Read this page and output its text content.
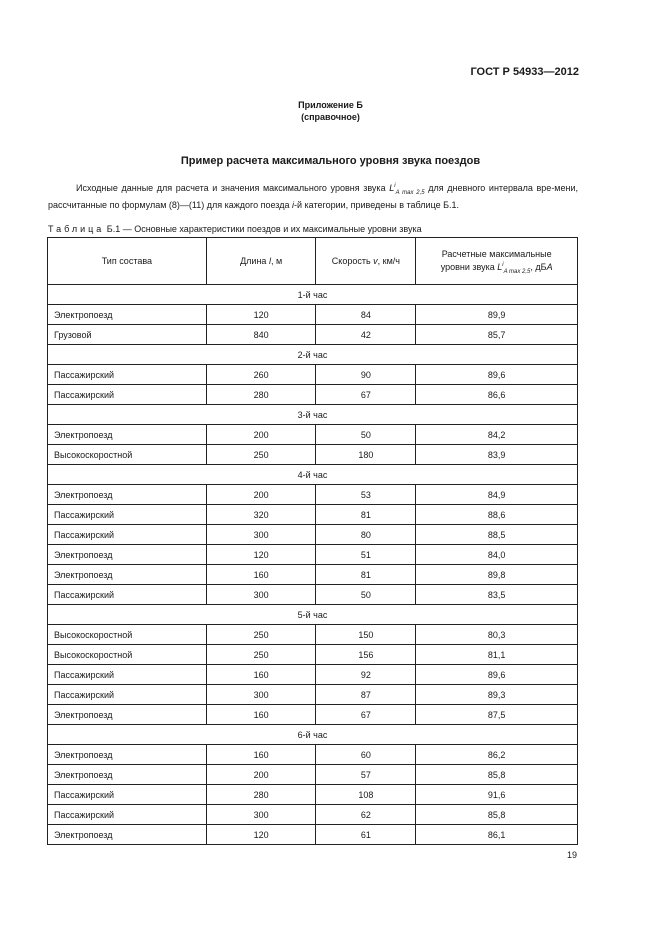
ГОСТ Р 54933—2012
Приложение Б
(справочное)
Пример расчета максимального уровня звука поездов

Исходные данные для расчета и значения максимального уровня звука $L^i_{A max 2,5}$ для дневного интервала вре-мени, рассчитанные по формулам (8)—(11) для каждого поезда i-й категории, приведены в таблице Б.1.

Таблица Б.1 — Основные характеристики поездов и их максимальные уровни звука
Тип состава	Длина l, м	Скорость v, км/ч	Расчетные максимальные
уровни звука $L^i_{A max 2,5}$, дБА
1-й час			
Электропоезд	120	84	89,9
Грузовой	840	42	85,7
2-й час			
Пассажирский	260	90	89,6
Пассажирский	280	67	86,6
3-й час			
Электропоезд	200	50	84,2
Высокоскоростной	250	180	83,9
4-й час			
Электропоезд	200	53	84,9
Пассажирский	320	81	88,6
Пассажирский	300	80	88,5
Электропоезд	120	51	84,0
Электропоезд	160	81	89,8
Пассажирский	300	50	83,5
5-й час			
Высокоскоростной	250	150	80,3
Высокоскоростной	250	156	81,1
Пассажирский	160	92	89,6
Пассажирский	300	87	89,3
Электропоезд	160	67	87,5
6-й час			
Электропоезд	160	60	86,2
Электропоезд	200	57	85,8
Пассажирский	280	108	91,6
Пассажирский	300	62	85,8
Электропоезд	120	61	86,1
19
